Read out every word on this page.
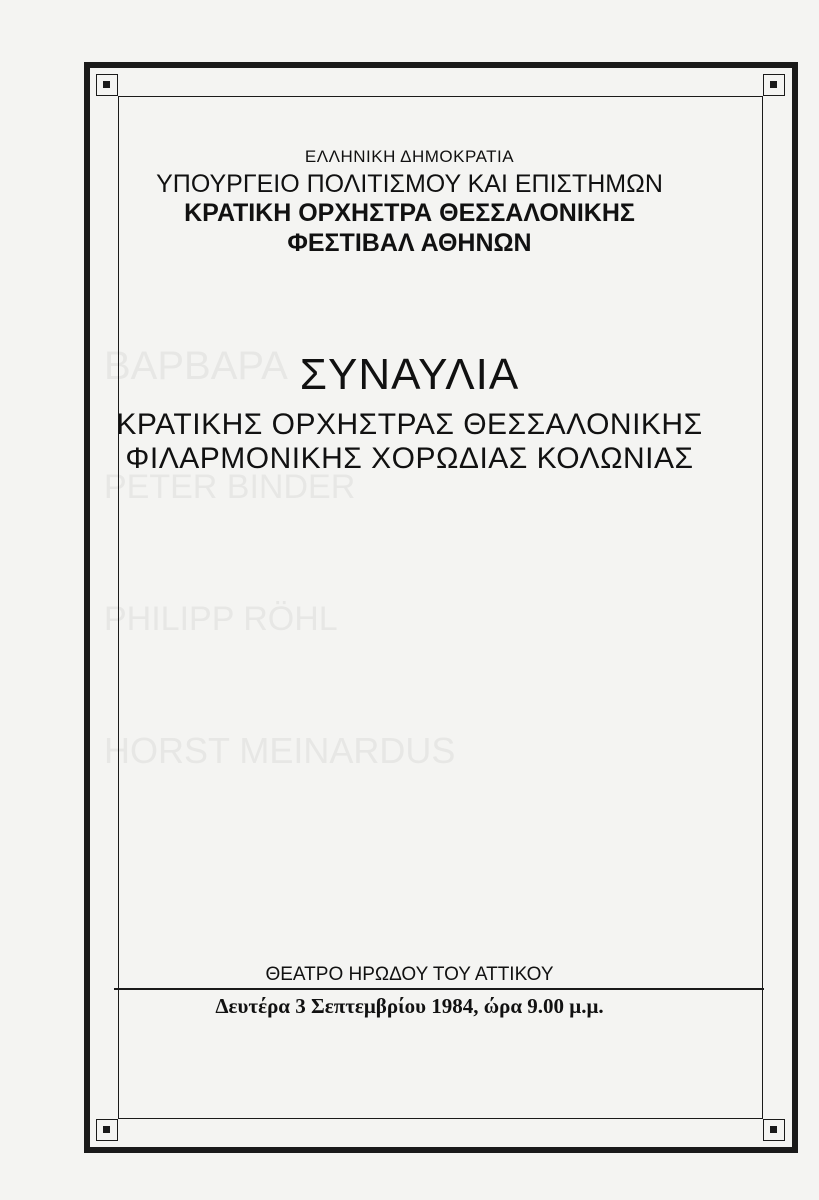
ΒΑΡΒΑΡΑ
PETER BINDER
PHILIPP RÖHL
HORST MEINARDUS
ΕΛΛΗΝΙΚΗ ΔΗΜΟΚΡΑΤΙΑ
ΥΠΟΥΡΓΕΙΟ ΠΟΛΙΤΙΣΜΟΥ ΚΑΙ ΕΠΙΣΤΗΜΩΝ
ΚΡΑΤΙΚΗ ΟΡΧΗΣΤΡΑ ΘΕΣΣΑΛΟΝΙΚΗΣ
ΦΕΣΤΙΒΑΛ ΑΘΗΝΩΝ
ΣΥΝΑΥΛΙΑ
ΚΡΑΤΙΚΗΣ ΟΡΧΗΣΤΡΑΣ ΘΕΣΣΑΛΟΝΙΚΗΣ
ΦΙΛΑΡΜΟΝΙΚΗΣ ΧΟΡΩΔΙΑΣ ΚΟΛΩΝΙΑΣ
ΘΕΑΤΡΟ ΗΡΩΔΟΥ ΤΟΥ ΑΤΤΙΚΟΥ
Δευτέρα 3 Σεπτεμβρίου 1984, ώρα 9.00 μ.μ.
